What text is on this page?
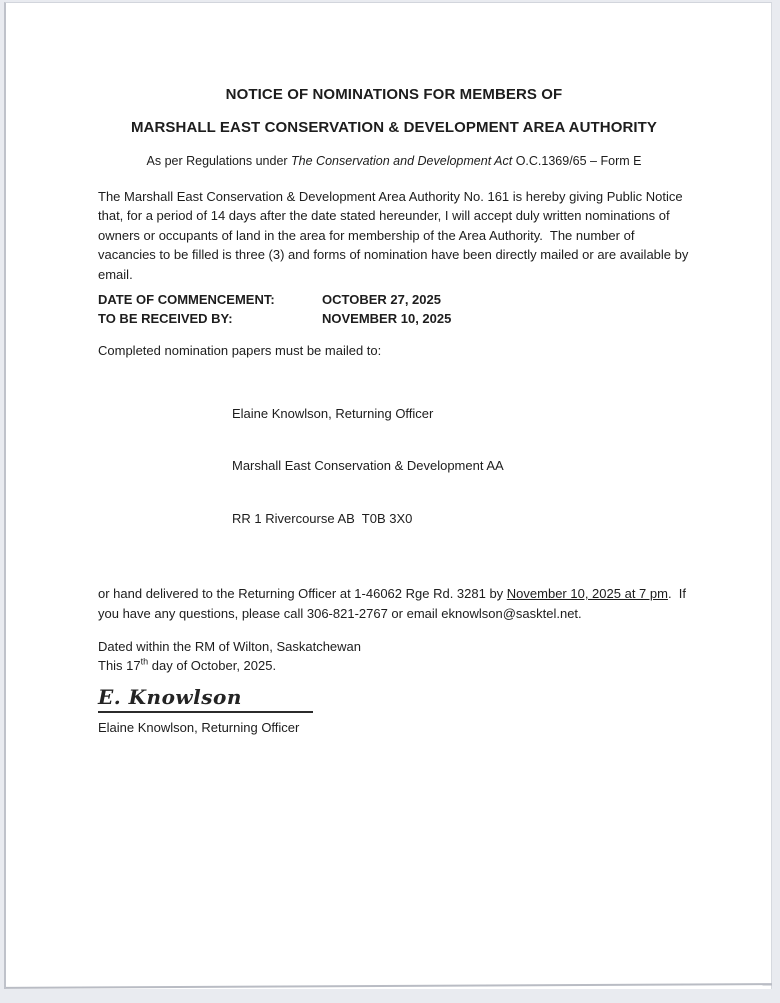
NOTICE OF NOMINATIONS FOR MEMBERS OF

MARSHALL EAST CONSERVATION & DEVELOPMENT AREA AUTHORITY

As per Regulations under The Conservation and Development Act O.C.1369/65 – Form E

The Marshall East Conservation & Development Area Authority No. 161 is hereby giving Public Notice that, for a period of 14 days after the date stated hereunder, I will accept duly written nominations of owners or occupants of land in the area for membership of the Area Authority.  The number of vacancies to be filled is three (3) and forms of nomination have been directly mailed or are available by email.

DATE OF COMMENCEMENT:	OCTOBER 27, 2025
TO BE RECEIVED BY:	NOVEMBER 10, 2025

Completed nomination papers must be mailed to:

Elaine Knowlson, Returning Officer

Marshall East Conservation & Development AA

RR 1 Rivercourse AB  T0B 3X0

or hand delivered to the Returning Officer at 1-46062 Rge Rd. 3281 by November 10, 2025 at 7 pm.  If you have any questions, please call 306-821-2767 or email eknowlson@sasktel.net.

Dated within the RM of Wilton, Saskatchewan
This 17th day of October, 2025.
E. Knowlson

Elaine Knowlson, Returning Officer
